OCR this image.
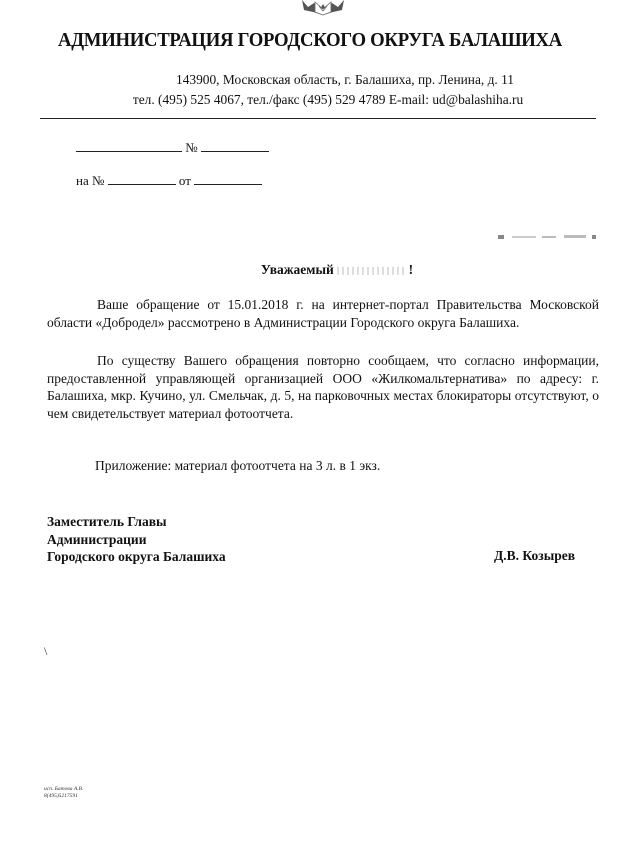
АДМИНИСТРАЦИЯ ГОРОДСКОГО ОКРУГА БАЛАШИХА
143900, Московская область, г. Балашиха, пр. Ленина, д. 11
тел. (495) 525 4067, тел./факс (495) 529 4789 E-mail: ud@balashiha.ru
№
на №	от
Уважаемый	!

Ваше обращение от 15.01.2018 г. на интернет-портал Правительства Московской области «Добродел» рассмотрено в Администрации Городского округа Балашиха.

По существу Вашего обращения повторно сообщаем, что согласно информации, предоставленной управляющей организацией ООО «Жилкомальтернатива» по адресу: г. Балашиха, мкр. Кучино, ул. Смельчак, д. 5, на парковочных местах блокираторы отсутствуют, о чем свидетельствует материал фотоотчета.

Приложение: материал фотоотчета на 3 л. в 1 экз.
Заместитель Главы
Администрации
Городского округа Балашиха	Д.В. Козырев
\
исп. Батова А.В.
8(495)5217591
